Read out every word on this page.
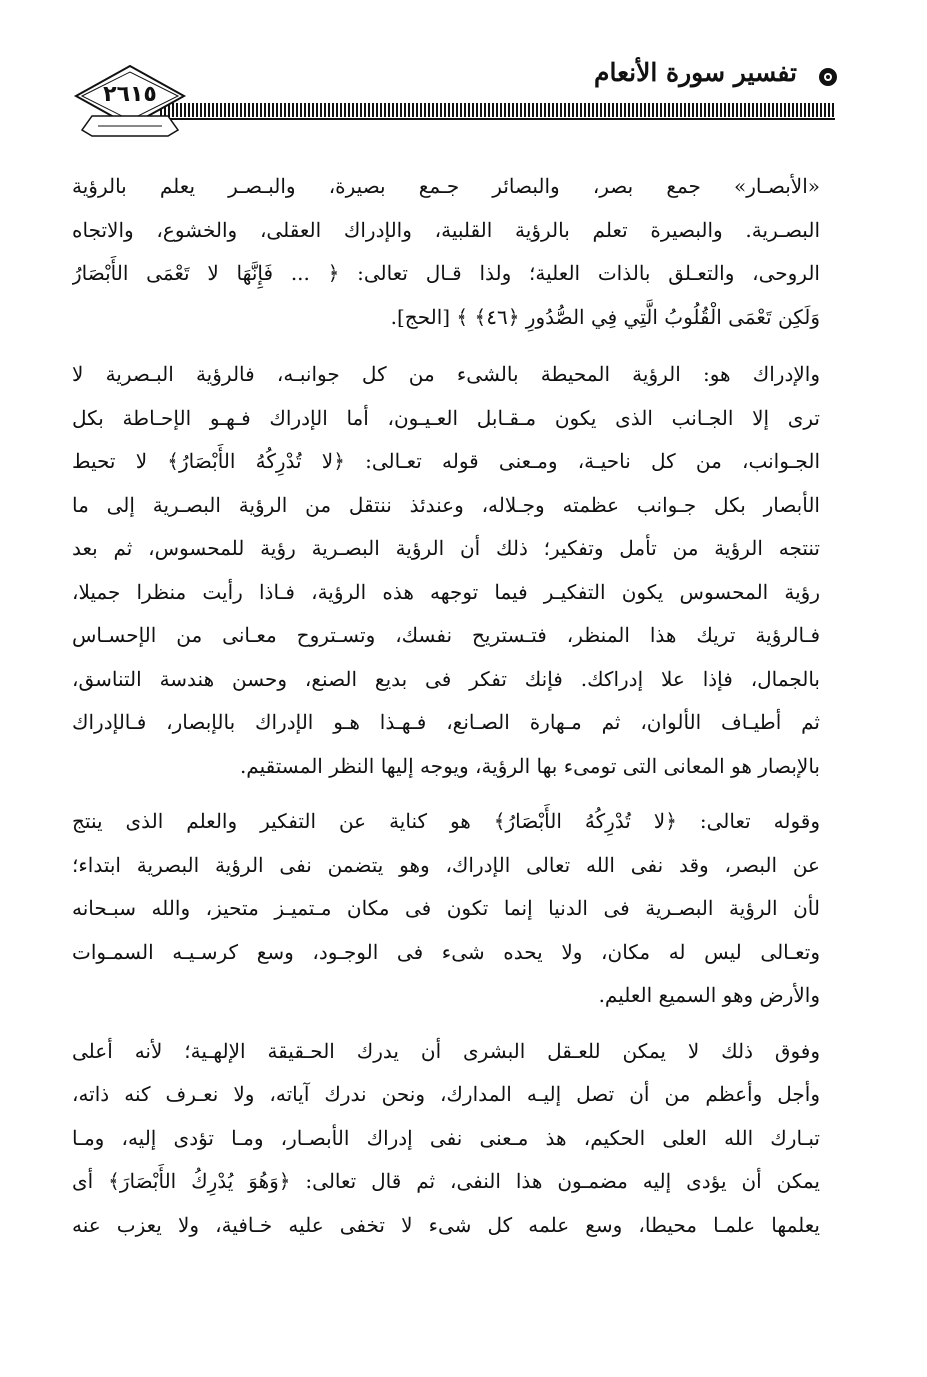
تفسير سورة الأنعام
٢٦١٥
«الأبصـار» جمع بصر، والبصائر جـمع بصيرة، والبـصـر يعلم بالرؤية
البصـرية. والبصيرة تعلم بالرؤية القلبية، والإدراك العقلى، والخشوع، والاتجاه
الروحى، والتعـلق بالذات العلية؛ ولذا قـال تعالى: ﴿ ... فَإِنَّهَا لا تَعْمَى الأَبْصَارُ
وَلَكِن تَعْمَى الْقُلُوبُ الَّتِي فِي الصُّدُورِ ﴿٤٦﴾ ﴾ [الحج].
والإدراك هو: الرؤية المحيطة بالشىء من كل جوانبـه، فالرؤية البـصرية لا
ترى إلا الجـانب الذى يكون مـقـابل العـيـون، أما الإدراك فـهـو الإحـاطة بكل
الجـوانب، من كل ناحيـة، ومـعنى قوله تعـالى: ﴿لا تُدْرِكُهُ الأَبْصَارُ﴾ لا تحيط
الأبصار بكل جـوانب عظمته وجـلاله، وعندئذ ننتقل من الرؤية البصـرية إلى ما
تنتجه الرؤية من تأمل وتفكير؛ ذلك أن الرؤية البصـرية رؤية للمحسوس، ثم بعد
رؤية المحسوس يكون التفكيـر فيما توجهه هذه الرؤية، فـاذا رأيت منظرا جميلا،
فـالرؤية تريك هذا المنظر، فتـستريح نفسك، وتسـتروح معـانى من الإحسـاس
بالجمال، فإذا علا إدراكك. فإنك تفكر فى بديع الصنع، وحسن هندسة التناسق،
ثم أطيـاف الألوان، ثم مـهارة الصـانع، فـهـذا هـو الإدراك بالإبصار، فـالإدراك
بالإبصار هو المعانى التى تومىء بها الرؤية، ويوجه إليها النظر المستقيم.
وقوله تعالى: ﴿لا تُدْرِكُهُ الأَبْصَارُ﴾ هو كناية عن التفكير والعلم الذى ينتج
عن البصر، وقد نفى الله تعالى الإدراك، وهو يتضمن نفى الرؤية البصرية ابتداء؛
لأن الرؤية البصـرية فى الدنيا إنما تكون فى مكان مـتميـز متحيز، والله سبـحانه
وتعـالى ليس له مكان، ولا يحده شىء فى الوجـود، وسع كرسـيـه السمـوات
والأرض وهو السميع العليم.
وفوق ذلك لا يمكن للعـقل البشرى أن يدرك الحـقيقة الإلهـية؛ لأنه أعلى
وأجل وأعظم من أن تصل إليـه المدارك، ونحن ندرك آياته، ولا نعـرف كنه ذاته،
تبـارك الله العلى الحكيم، هذ مـعنى نفى إدراك الأبصـار، ومـا تؤدى إليه، ومـا
يمكن أن يؤدى إليه مضمـون هذا النفى، ثم قال تعالى: ﴿وَهُوَ يُدْرِكُ الأَبْصَارَ﴾ أى
يعلمها علمـا محيطا، وسع علمه كل شىء لا تخفى عليه خـافية، ولا يعزب عنه
